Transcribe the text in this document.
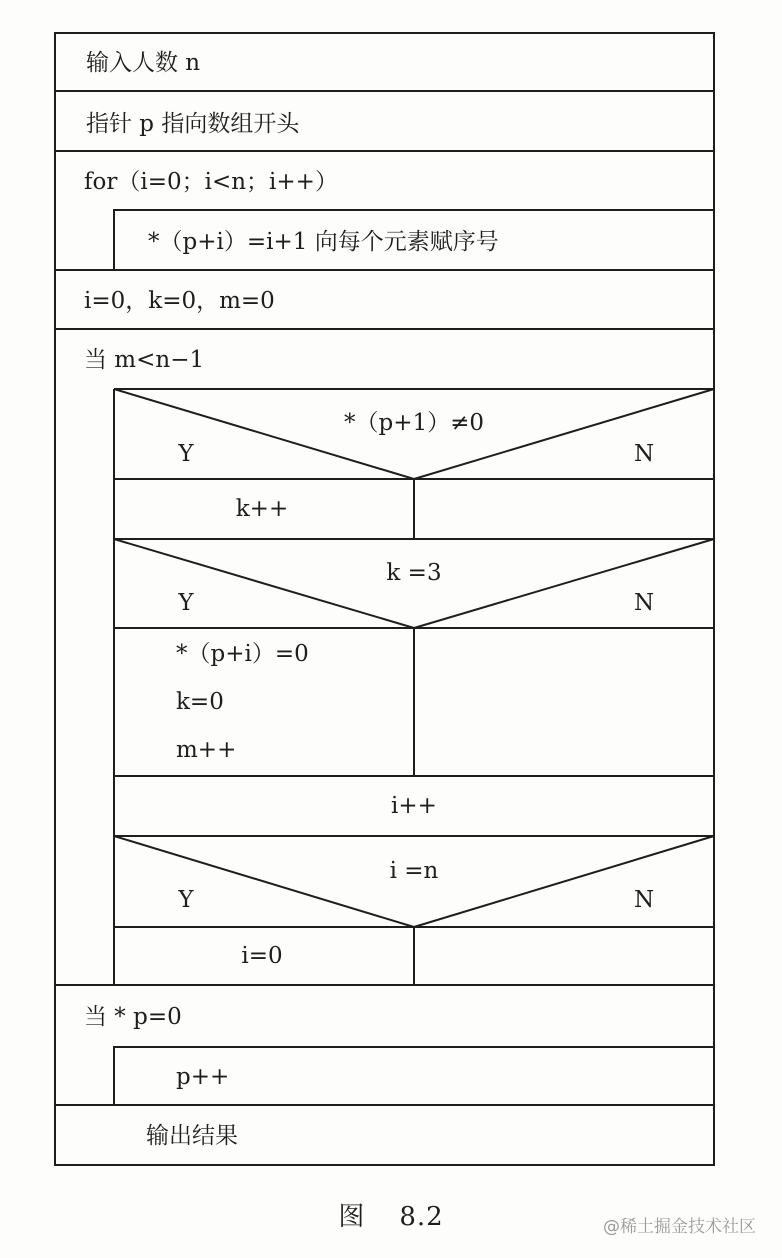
输入人数 n
指针 p 指向数组开头
for（i=0；i<n；i++）
*（p+i）=i+1 向每个元素赋序号
i=0，k=0，m=0
当 m<n−1
*（p+1）≠0
Y	N
k++
k =3
Y	N
*（p+i）=0
k=0
m++
i++
i =n
Y	N
i=0
当 * p=0
p++
输出结果
图 8.2	@稀土掘金技术社区
